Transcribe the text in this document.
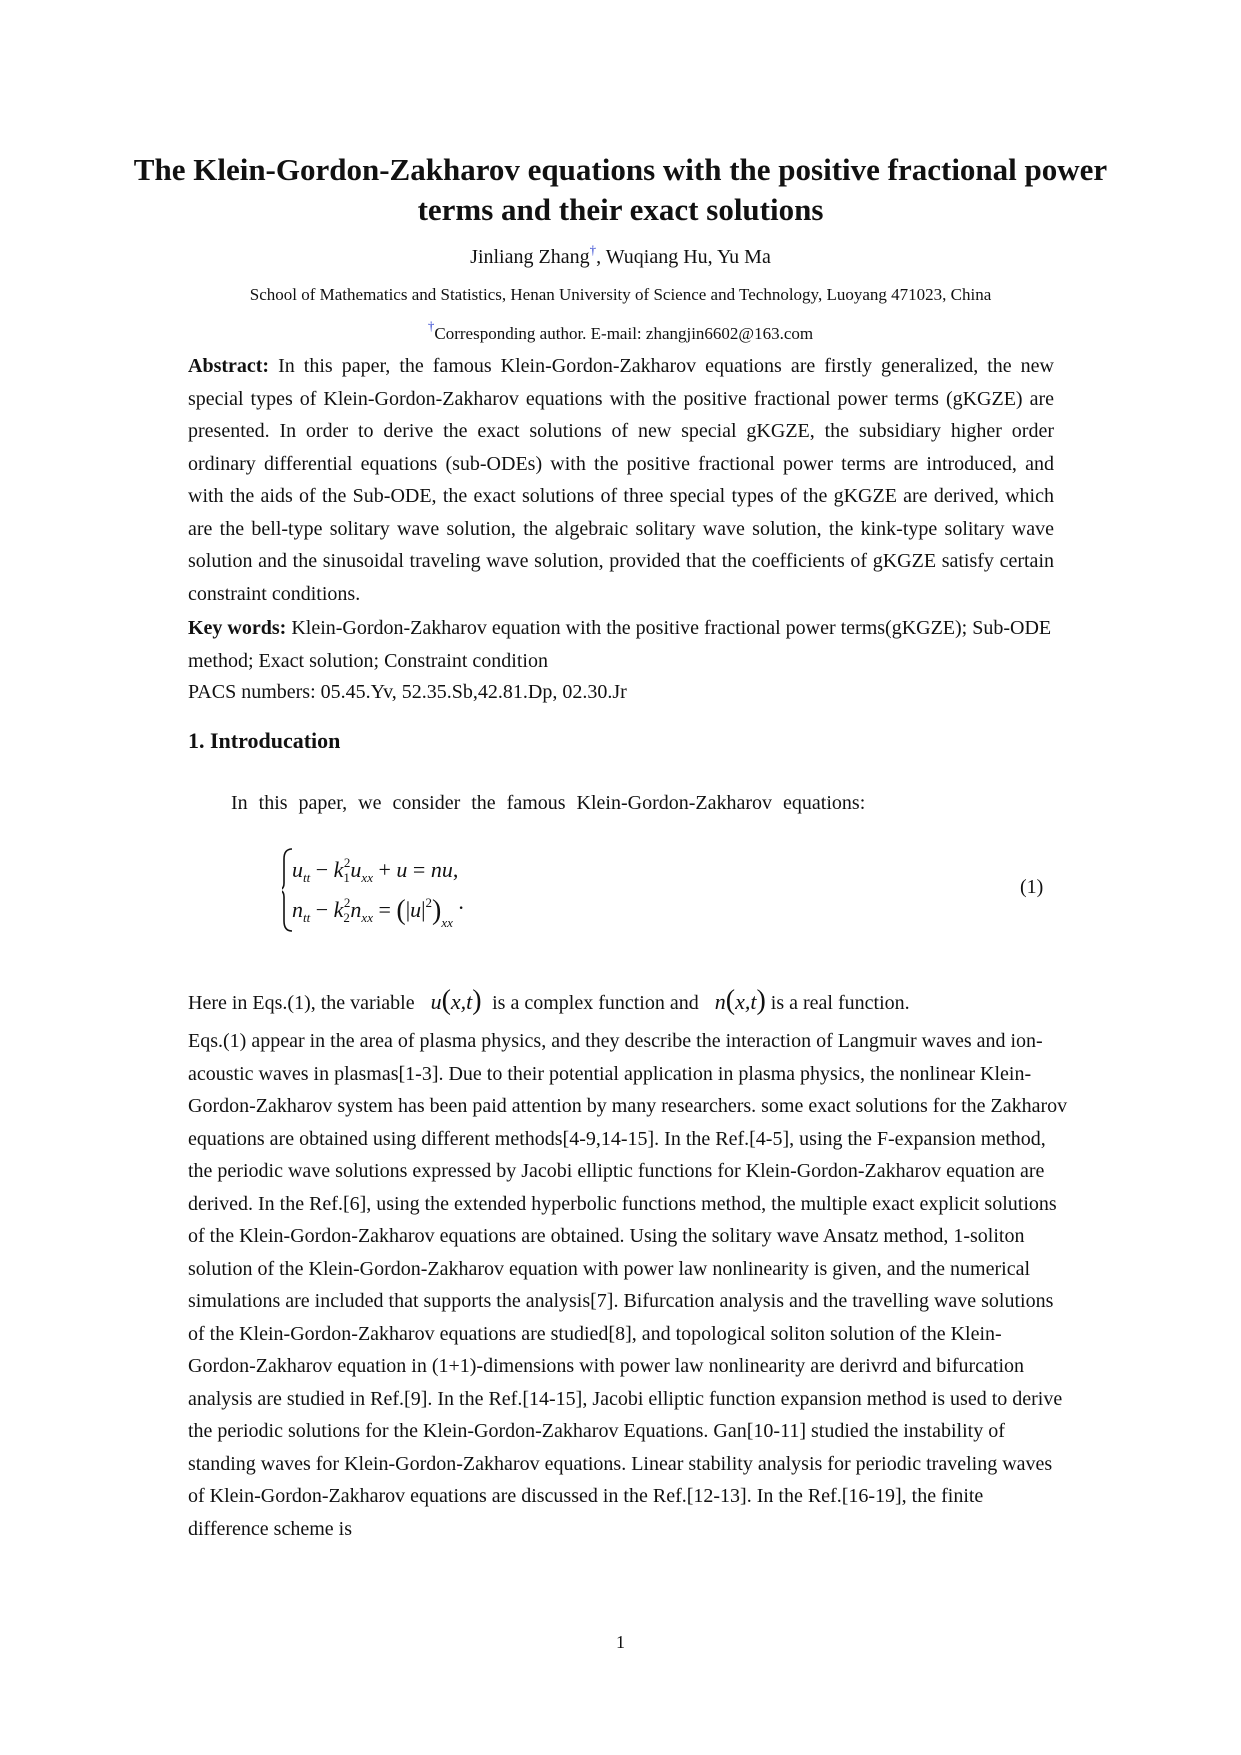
The Klein-Gordon-Zakharov equations with the positive fractional power terms and their exact solutions
Jinliang Zhang†, Wuqiang Hu, Yu Ma
School of Mathematics and Statistics, Henan University of Science and Technology, Luoyang 471023, China
†Corresponding author. E-mail: zhangjin6602@163.com

Abstract: In this paper, the famous Klein-Gordon-Zakharov equations are firstly generalized, the new special types of Klein-Gordon-Zakharov equations with the positive fractional power terms (gKGZE) are presented. In order to derive the exact solutions of new special gKGZE, the subsidiary higher order ordinary differential equations (sub-ODEs) with the positive fractional power terms are introduced, and with the aids of the Sub-ODE, the exact solutions of three special types of the gKGZE are derived, which are the bell-type solitary wave solution, the algebraic solitary wave solution, the kink-type solitary wave solution and the sinusoidal traveling wave solution, provided that the coefficients of gKGZE satisfy certain constraint conditions.

Key words: Klein-Gordon-Zakharov equation with the positive fractional power terms(gKGZE); Sub-ODE method; Exact solution; Constraint condition

PACS numbers: 05.45.Yv, 52.35.Sb,42.81.Dp, 02.30.Jr
1. Introducation
In this paper, we consider the famous Klein-Gordon-Zakharov equations:
$u_{tt} - k_12u_{xx} + u$ = nu,
$n_{tt} - k_22n_{xx} = (|u|^2)_{xx}$ .
(1)
Here in Eqs.(1), the variable   u(x,t) is a complex function and   n(x,t) is a real function.

Eqs.(1) appear in the area of plasma physics, and they describe the interaction of Langmuir waves and ion-acoustic waves in plasmas[1-3]. Due to their potential application in plasma physics, the nonlinear Klein-Gordon-Zakharov system has been paid attention by many researchers. some exact solutions for the Zakharov equations are obtained using different methods[4-9,14-15]. In the Ref.[4-5], using the F-expansion method, the periodic wave solutions expressed by Jacobi elliptic functions for Klein-Gordon-Zakharov equation are derived. In the Ref.[6], using the extended hyperbolic functions method, the multiple exact explicit solutions of the Klein-Gordon-Zakharov equations are obtained. Using the solitary wave Ansatz method, 1-soliton solution of the Klein-Gordon-Zakharov equation with power law nonlinearity is given, and the numerical simulations are included that supports the analysis[7]. Bifurcation analysis and the travelling wave solutions of the Klein-Gordon-Zakharov equations are studied[8], and topological soliton solution of the Klein-Gordon-Zakharov equation in (1+1)-dimensions with power law nonlinearity are derivrd and bifurcation analysis are studied in Ref.[9]. In the Ref.[14-15], Jacobi elliptic function expansion method is used to derive the periodic solutions for the Klein-Gordon-Zakharov Equations. Gan[10-11] studied the instability of standing waves for Klein-Gordon-Zakharov equations. Linear stability analysis for periodic traveling waves of Klein-Gordon-Zakharov equations are discussed in the Ref.[12-13]. In the Ref.[16-19], the finite difference scheme is

1
